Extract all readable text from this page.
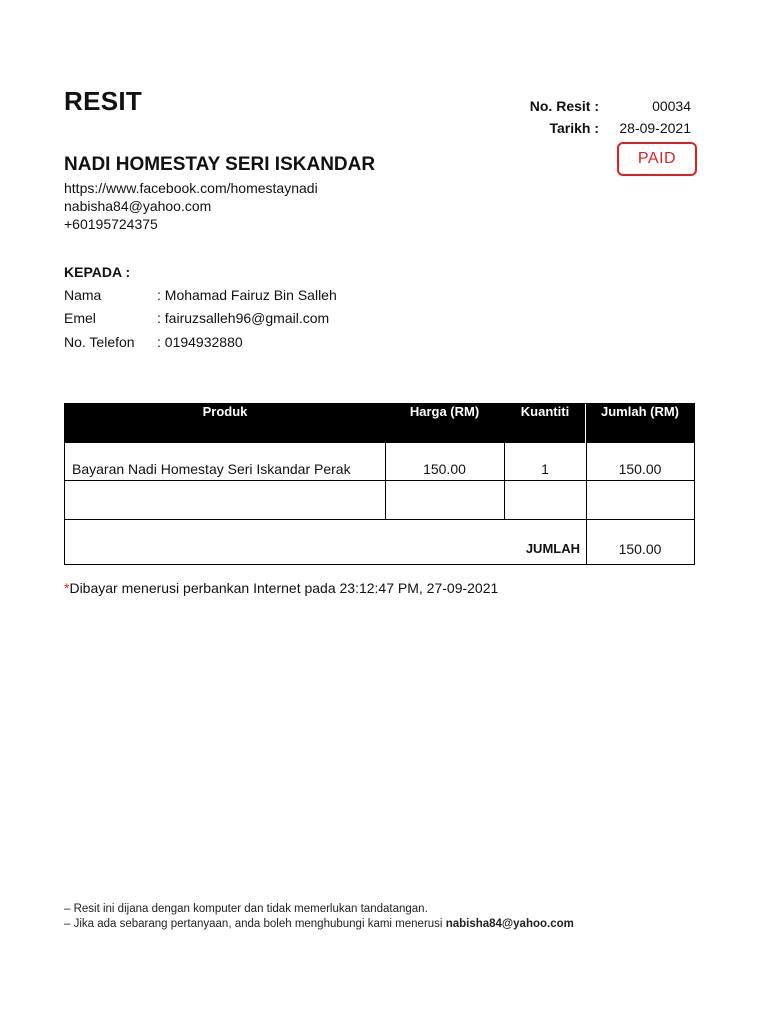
RESIT	No. Resit :	00034
Tarikh :	28-09-2021
PAID
NADI HOMESTAY SERI ISKANDAR
https://www.facebook.com/homestaynadi
nabisha84@yahoo.com
+60195724375
KEPADA :
Nama	: Mohamad Fairuz Bin Salleh
Emel	: fairuzsalleh96@gmail.com
No. Telefon : 0194932880
Produk	Harga (RM)	Kuantiti	Jumlah (RM)
Bayaran Nadi Homestay Seri Iskandar Perak	150.00	1	150.00
JUMLAH	150.00
*Dibayar menerusi perbankan Internet pada 23:12:47 PM, 27-09-2021
– Resit ini dijana dengan komputer dan tidak memerlukan tandatangan.
– Jika ada sebarang pertanyaan, anda boleh menghubungi kami menerusi nabisha84@yahoo.com
